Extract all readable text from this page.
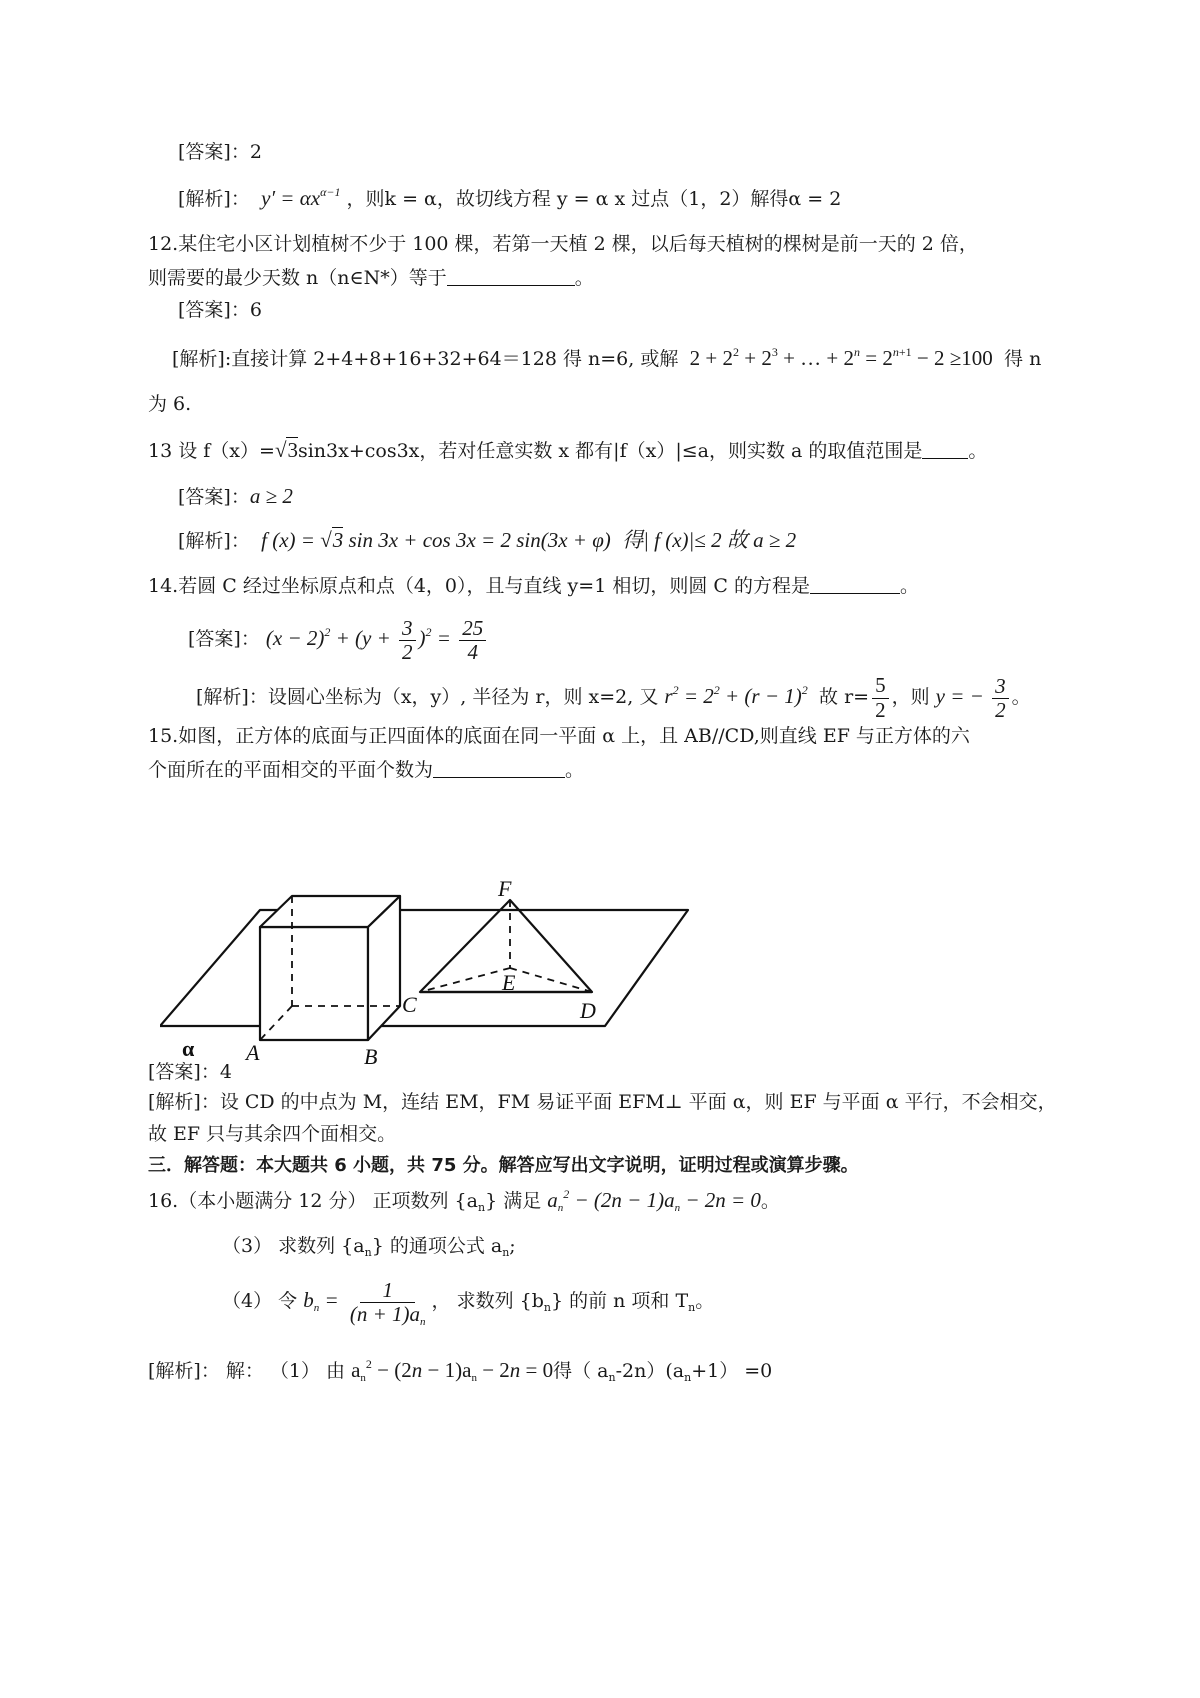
[答案]：2
[解析]：  $y' = \alpha x^{\alpha-1}$ ，则k = α，故切线方程 y = α x 过点（1，2）解得α = 2
12.某住宅小区计划植树不少于 100 棵，若第一天植 2 棵，以后每天植树的棵树是前一天的 2 倍，
则需要的最少天数 n（n∈N*）等于	。
[答案]：6
[解析]:直接计算 2+4+8+16+32+64＝128 得 n=6, 或解  $2 + 2^2 + 2^3$ + … + $2^n = 2^{n+1} - 2 \ge 100$  得 n
为 6.
13 设 f（x）=√3sin3x+cos3x，若对任意实数 x 都有|f（x）|≤a，则实数 a 的取值范围是 。
[答案]：a ≥ 2
[解析]：  f (x) = √3 sin 3x + cos 3x = 2 sin(3x + φ)  得| f (x)|≤ 2 故 a ≥ 2
14.若圆 C 经过坐标原点和点（4，0），且与直线 y=1 相切，则圆 C 的方程是	。
[答案]： $(x - 2)^2 + (y + \frac{3}{2} )^2 = \frac{25}{4}$
[解析]：设圆心坐标为（x，y）, 半径为 r，则 x=2, 又 $r^2 = 2^2 + (r - 1)^2$ 故 $r= \frac{5}{2}$ ，则 y = − $\frac{3}{2}$ 。
15.如图，正方体的底面与正四面体的底面在同一平面 α 上，且 AB//CD,则直线 EF 与正方体的六
个面所在的平面相交的平面个数为	。
F
E
C	D
A	B
α
[答案]：4
[解析]：设 CD 的中点为 M，连结 EM，FM 易证平面 EFM⊥ 平面 α，则 EF 与平面 α 平行，不会相交，
故 EF 只与其余四个面相交。
三．解答题：本大题共 6 小题，共 75 分。解答应写出文字说明，证明过程或演算步骤。
16.（本小题满分 12 分） 正项数列 $\{a_n\}$ 满足 $a_n^2 - (2n - 1)a_n - 2n = 0$。
（3） 求数列 $\{a_n\}$ 的通项公式 $a_n$;
（4） 令 $b_n = \frac{1}{(n + 1)a_n}$ ， 求数列 $\{b_n\}$ 的前 n 项和 $T_n$。
[解析]： 解： （1） 由 $a_n^2 - (2n - 1)a_n - 2n = 0$得（ $a_n-2n)(a_n+1) =0$
